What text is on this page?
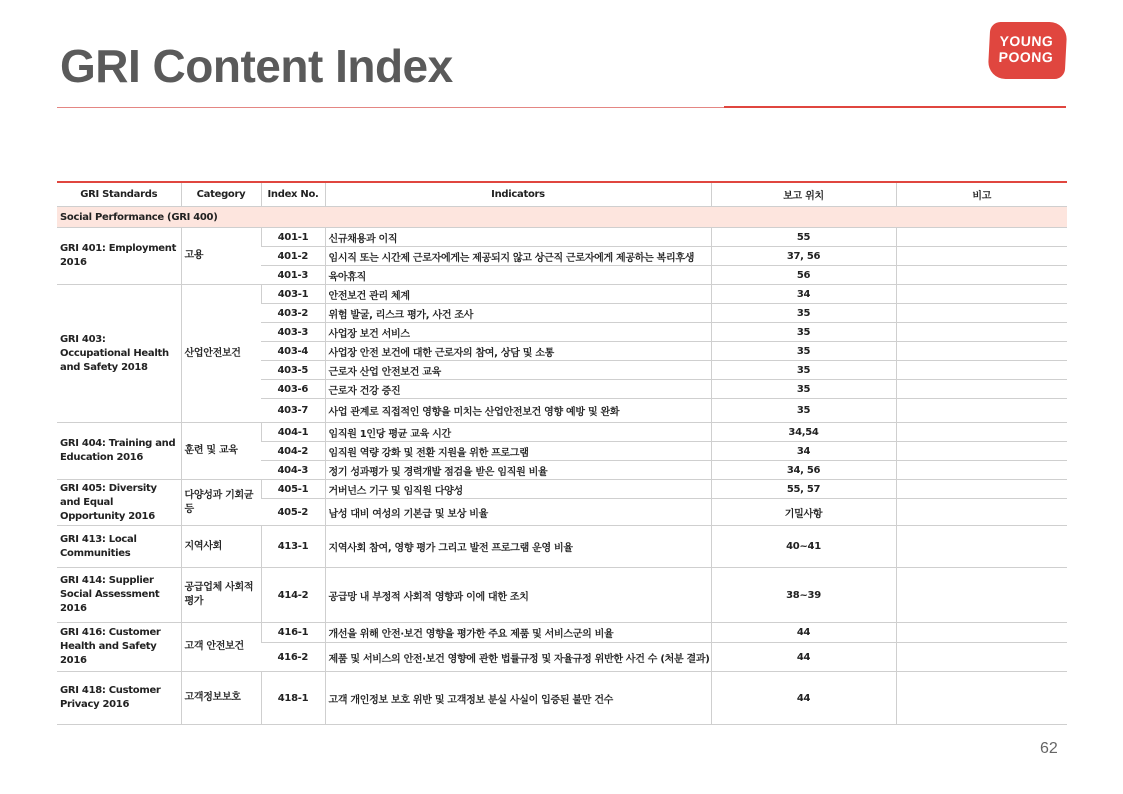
GRI Content Index	YOUNG
POONG
GRI Standards	Category	Index No.	Indicators	보고 위치	비고
Social Performance (GRI 400)					
GRI 401: Employment 2016	고용	401-1	신규채용과 이직	55	
		401-2	임시직 또는 시간제 근로자에게는 제공되지 않고 상근직 근로자에게 제공하는 복리후생	37, 56	
		401-3	육아휴직	56	
GRI 403: Occupational Health and Safety 2018	산업안전보건	403-1	안전보건 관리 체계	34	
		403-2	위험 발굴, 리스크 평가, 사건 조사	35	
		403-3	사업장 보건 서비스	35	
		403-4	사업장 안전 보건에 대한 근로자의 참여, 상담 및 소통	35	
		403-5	근로자 산업 안전보건 교육	35	
		403-6	근로자 건강 증진	35	
		403-7	사업 관계로 직접적인 영향을 미치는 산업안전보건 영향 예방 및 완화	35	
GRI 404: Training and Education 2016	훈련 및 교육	404-1	임직원 1인당 평균 교육 시간	34,54	
		404-2	임직원 역량 강화 및 전환 지원을 위한 프로그램	34	
		404-3	정기 성과평가 및 경력개발 점검을 받은 임직원 비율	34, 56	
GRI 405: Diversity and Equal Opportunity 2016	다양성과 기회균등	405-1	거버넌스 기구 및 임직원 다양성	55, 57	
		405-2	남성 대비 여성의 기본급 및 보상 비율	기밀사항	
GRI 413: Local Communities	지역사회	413-1	지역사회 참여, 영향 평가 그리고 발전 프로그램 운영 비율	40~41	
GRI 414: Supplier Social Assessment 2016	공급업체 사회적 평가	414-2	공급망 내 부정적 사회적 영향과 이에 대한 조치	38~39	
GRI 416: Customer Health and Safety 2016	고객 안전보건	416-1	개선을 위해 안전·보건 영향을 평가한 주요 제품 및 서비스군의 비율	44	
		416-2	제품 및 서비스의 안전·보건 영향에 관한 법률규정 및 자율규정 위반한 사건 수 (처분 결과)	44	
GRI 418: Customer Privacy 2016	고객정보보호	418-1	고객 개인정보 보호 위반 및 고객정보 분실 사실이 입증된 불만 건수	44	
62
